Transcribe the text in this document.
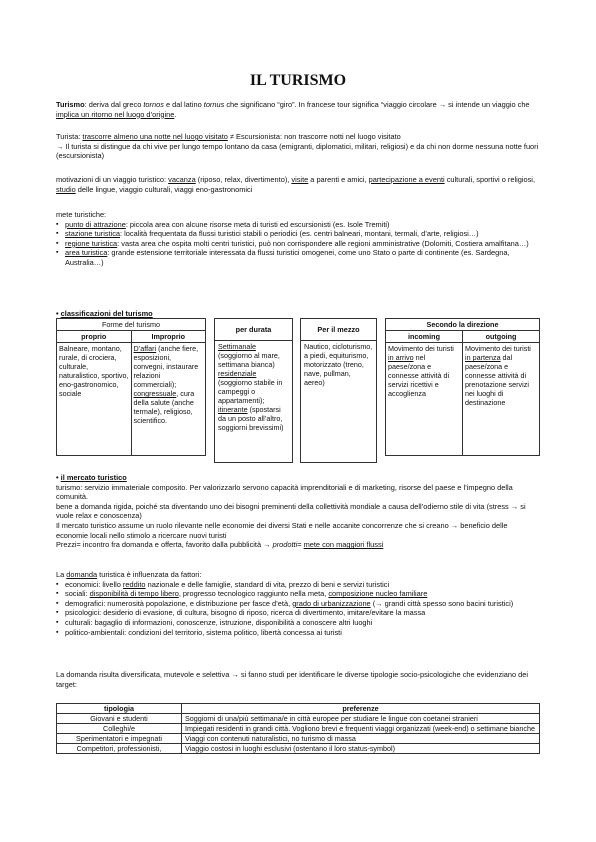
IL TURISMO

Turismo: deriva dal greco tornos e dal latino tornus che significano “giro”. In francese tour significa “viaggio circolare → si intende un viaggio che implica un ritorno nel luogo d’origine.

Turista: trascorre almeno una notte nel luogo visitato ≠ Escursionista: non trascorre notti nel luogo visitato

→ Il turista si distingue da chi vive per lungo tempo lontano da casa (emigranti, diplomatici, militari, religiosi) e da chi non dorme nessuna notte fuori (escursionista)

motivazioni di un viaggio turistico: vacanza (riposo, relax, divertimento), visite a parenti e amici, partecipazione a eventi culturali, sportivi o religiosi, studio delle lingue, viaggio culturali, viaggi eno-gastronomici

mete turistiche:

▪ punto di attrazione: piccola area con alcune risorse meta di turisti ed escursionisti (es. Isole Tremiti)
▪ stazione turistica: località frequentata da flussi turistici stabili o periodici (es. centri balneari, montani, termali, d’arte, religiosi…)
▪ regione turistica: vasta area che ospita molti centri turistici, può non corrispondere alle regioni amministrative (Dolomiti, Costiera amalfitana…)
▪ area turistica: grande estensione territoriale interessata da flussi turistici omogenei, come uno Stato o parte di continente (es. Sardegna, Australia…)

• classificazioni del turismo

Forme del turismo	
proprio	Improprio
Balneare, montano, rurale, di crociera, culturale, naturalistico, sportivo, eno-gastronomico, sociale	D’affari (anche fiere, esposizioni, convegni, instaurare relazioni commerciali); congressuale, cura della salute (anche termale), religioso, scientifico.
per durata
Settimanale (soggiorno al mare, settimana bianca) residenziale (soggiorno stabile in campeggi o appartamenti); itinerante (spostarsi da un posto all’altro, soggiorni brevissimi)
Per il mezzo
Nautico, cicloturismo, a piedi, equiturismo, motorizzato (treno, nave, pullman, aereo)
Secondo la direzione	
incoming	outgoing
Movimento dei turisti in arrivo nel paese/zona e connesse attività di servizi ricettivi e accoglienza	Movimento dei turisti in partenza dal paese/zona e connesse attività di prenotazione servizi nei luoghi di destinazione

• il mercato turistico

turismo: servizio immateriale composito. Per valorizzarlo servono capacità imprenditoriali e di marketing, risorse del paese e l’impegno della comunità.

bene a domanda rigida, poiché sta diventando uno dei bisogni preminenti della collettività mondiale a causa dell’odierno stile di vita (stress → si vuole relax e conoscenza)

Il mercato turistico assume un ruolo rilevante nelle economie dei diversi Stati e nelle accanite concorrenze che si creano → beneficio delle economie locali nello stimolo a ricercare nuovi turisti

Prezzi= incontro fra domanda e offerta, favorito dalla pubblicità → prodotti= mete con maggiori flussi

La domanda turistica è influenzata da fattori:

▪ economici: livello reddito nazionale e delle famiglie, standard di vita, prezzo di beni e servizi turistici
▪ sociali: disponibilità di tempo libero, progresso tecnologico raggiunto nella meta, composizione nucleo familiare
▪ demografici: numerosità popolazione, e distribuzione per fasce d’età, grado di urbanizzazione (→ grandi città spesso sono bacini turistici)
▪ psicologici: desiderio di evasione, di cultura, bisogno di riposo, ricerca di divertimento, imitare/evitare la massa
▪ culturali: bagaglio di informazioni, conoscenze, istruzione, disponibilità a conoscere altri luoghi
▪ politico-ambientali: condizioni del territorio, sistema politico, libertà concessa ai turisti

La domanda risulta diversificata, mutevole e selettiva → si fanno studi per identificare le diverse tipologie socio-psicologiche che evidenziano dei target:

tipologia	preferenze
Giovani e studenti	Soggiorni di una/più settimana/e in città europee per studiare le lingue con coetanei stranieri
Colleghi/e	Impiegati residenti in grandi città. Vogliono brevi e frequenti viaggi organizzati (week-end) o settimane bianche
Sperimentatori e impegnati	Viaggi con contenuti naturalistici, no turismo di massa
Competitori, professionisti,	Viaggio costosi in luoghi esclusivi (ostentano il loro status-symbol)
